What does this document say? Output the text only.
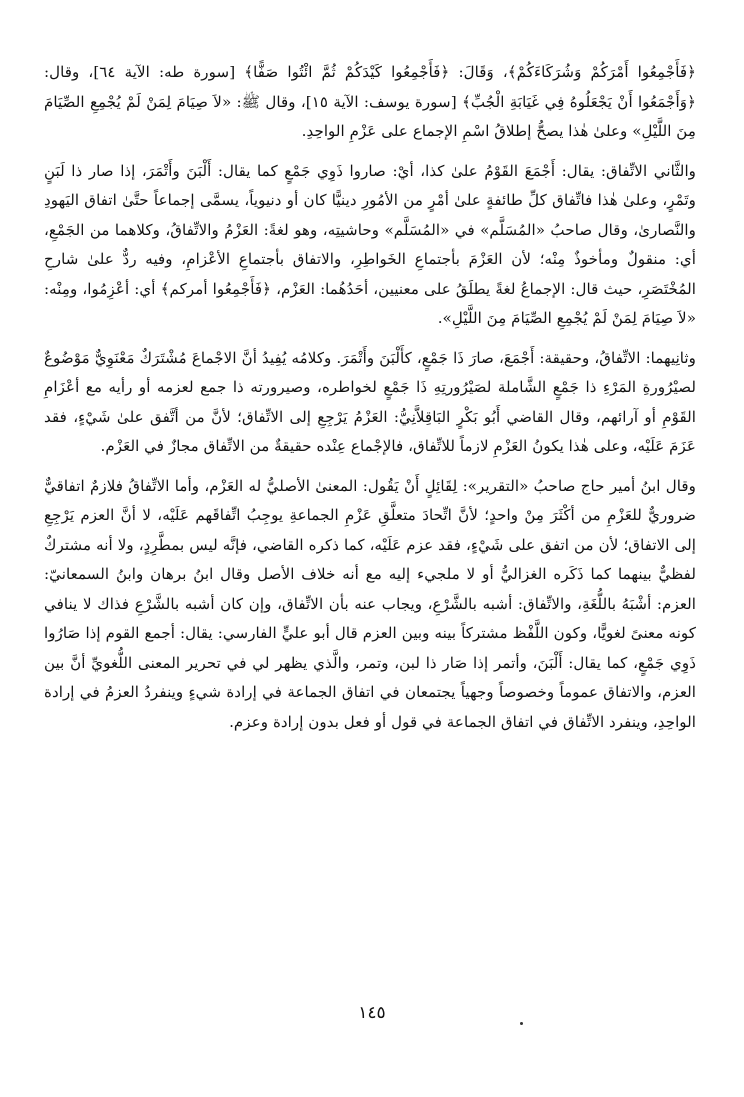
﴿فَأَجْمِعُوا أَمْرَكُمْ وَشُرَكَاءَكُمْ﴾، وَقَالَ: ﴿فَأَجْمِعُوا كَيْدَكُمْ ثُمَّ ائْتُوا صَفًّا﴾ [سورة طه: الآية ٦٤]، وقال: ﴿وَأَجْمَعُوا أَنْ يَجْعَلُوهُ فِي غَيَابَةِ الْجُبِّ﴾ [سورة يوسف: الآية ١٥]، وقال ﷺ: «لاَ صِيَامَ لِمَنْ لَمْ يُجْمِعِ الصِّيَامَ مِنَ اللَّيْلِ» وعلىٰ هٰذا يصحُّ إطلاقُ اسْمِ الإجماع على عَزْمِ الواحِدِ.

والثَّاني الاتِّفاق: يقال: أَجْمَعَ القَوْمُ علىٰ كذا، أيْ: صاروا ذَوِي جَمْعٍ كما يقال: أَلْبَنَ وأَتْمَرَ، إذا صار ذا لَبَنٍ وتَمْرٍ، وعلىٰ هٰذا فاتِّفاق كلِّ طائفةٍ علىٰ أمْرٍ من الأمُورِ دينيًّا كان أو دنيوياً، يسمَّى إجماعاً حتَّىٰ اتفاق اليَهودِ والنَّصارىٰ، وقال صاحبُ «المُسَلَّم» في «المُسَلَّم» وحاشيتِه، وهو لغةً: العَزْمُ والاتِّفاقُ، وكلاهما من الجَمْعِ، أي: منقولٌ ومأخوذٌ مِنْه؛ لأن العَزْمَ بأجتماعِ الخَواطِرِ، والاتفاق بأجتماعِ الأعْزامِ، وفيه ردٌّ علىٰ شارحِ المُخْتَصَرِ، حيث قال: الإجماعُ لغةً يطلَقُ على معنيين، أحَدُهُما: العَزْم، ﴿فَأَجْمِعُوا أمركم﴾ أي: أعْزِمُوا، ومِنْه: «لاَ صِيَامَ لِمَنْ لَمْ يُجْمِعِ الصِّيَامَ مِنَ اللَّيْلِ».

وثانِيهما: الاتِّفاقُ، وحقيقة: أَجْمَعَ، صارَ ذَا جَمْعٍ، كأَلْبَنَ وأَتْمَرَ. وكلامُه يُفِيدُ أنَّ الاجْماعَ مُشْتَرَكٌ مَعْنَوِيٌّ مَوْضُوعٌ لصيْرُورةِ المَرْءِ ذا جَمْعٍ الشَّاملة لصَيْرُورتِهِ ذَا جَمْعٍ لخواطره، وصيرورته ذا جمع لعزمه أو رأيه مع أعْزَامِ القَوْمِ أو آرائهم، وقال القاضي أَبُو بَكْرٍ البَاقِلاَّنِيُّ: العَزْمُ يَرْجِعِ إلى الاتِّفاق؛ لأنَّ من أتَّفق علىٰ شَيْءٍ، فقد عَزَمَ عَلَيْه، وعلى هٰذا يكونُ العَزْمِ لازماً للاتِّفاق، فالإجْماع عِنْده حقيقةٌ من الاتِّفاق مجازٌ في العَزْم.

وقال ابنُ أمير حاج صاحبُ «التقرير»: لِقَائِلٍ أَنْ يَقُول: المعنىٰ الأصليُّ له العَزْم، وأما الاتِّفاقُ فلازمٌ اتفاقيٌّ ضروريٌّ للعَزْمِ من أكْثَرَ مِنْ واحدٍ؛ لأنَّ اتِّحادَ متعلَّقِ عَزْمِ الجماعةِ يوجِبُ اتِّفاقَهم عَلَيْه، لا أنَّ العزم يَرْجِعِ إلى الاتفاق؛ لأن من اتفق على شَيْءٍ، فقد عزم عَلَيْه، كما ذكره القاضي، فإنَّه ليس بمطَّرِدٍ، ولا أنه مشتركٌ لفظيٌّ بينهما كما ذَكَره الغزاليُّ أو لا ملجيء إليه مع أنه خلاف الأصل وقال ابنُ برهان وابنُ السمعانيّ: العزم: أشْبَهُ باللُّغَةِ، والاتِّفاق: أشبه بالشَّرْعِ، ويجاب عنه بأن الاتِّفاق، وإن كان أشبه بالشَّرْعِ فذاك لا ينافي كونه معنىً لغويًّا، وكون اللَّفْظ مشتركاً بينه وبين العزم قال أبو عليٍّ الفارسي: يقال: أجمع القوم إذا صَارُوا ذَوِي جَمْعٍ، كما يقال: أَلْبَنَ، وأتمر إذا صَار ذا لبن، وتمر، والَّذي يظهر لي في تحرير المعنى اللُّغويِّ أنَّ بين العزم، والاتفاق عموماً وخصوصاً وجهياً يجتمعان في اتفاق الجماعة في إرادة شيءٍ وينفردُ العزمُ في إرادة الواحِدِ، وينفرد الاتِّفاق في اتفاق الجماعة في قول أو فعل بدون إرادة وعزم.

١٤٥
